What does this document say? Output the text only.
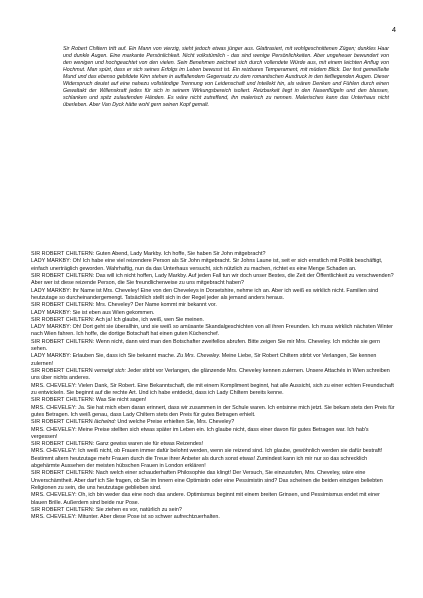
4

Sir Robert Chiltern tritt auf. Ein Mann von vierzig, sieht jedoch etwas jünger aus. Glattrasiert, mit wohlgeschnittenen Zügen; dunkles Haar und dunkle Augen. Eine markante Persönlichkeit. Nicht volkstümlich - das sind wenige Persönlichkeiten. Aber ungeheuer bewundert von den wenigen und hochgeachtet von den vielen. Sein Benehmen zeichnet sich durch vollendete Würde aus, mit einem leichten Anflug von Hochmut. Man spürt, dass er sich seines Erfolgs im Leben bewusst ist. Ein reizbares Temperament, mit müdem Blick. Der fest gemeißelte Mund und das ebenso gebildete Kinn stehen in auffallendem Gegensatz zu dem romantischen Ausdruck in den tiefliegenden Augen. Dieser Widerspruch deutet auf eine nahezu vollständige Trennung von Leidenschaft und Intellekt hin, als wären Denken und Fühlen durch einen Gewaltakt der Willenskraft jedes für sich in seinem Wirkungsbereich isoliert. Reizbarkeit liegt in den Nasenflügeln und den blassen, schlanken und spitz zulaufenden Händen. Es wäre nicht zutreffend, ihn malerisch zu nennen. Malerisches kann das Unterhaus nicht überleben. Aber Van Dyck hätte wohl gern seinen Kopf gemalt.

SIR ROBERT CHILTERN: Guten Abend, Lady Markby. Ich hoffe, Sie haben Sir John mitgebracht?

LADY MARKBY: Oh! Ich habe eine viel reizendere Person als Sir John mitgebracht. Sir Johns Laune ist, seit er sich ernstlich mit Politik beschäftigt, einfach unerträglich geworden. Wahrhaftig, nun da das Unterhaus versucht, sich nützlich zu machen, richtet es eine Menge Schaden an.

SIR ROBERT CHILTERN: Das will ich nicht hoffen, Lady Markby. Auf jeden Fall tun wir doch unser Bestes, die Zeit der Öffentlichkeit zu verschwenden? Aber wer ist diese reizende Person, die Sie freundlicherweise zu uns mitgebracht haben?

LADY MARKBY: Ihr Name ist Mrs. Cheveley! Eine von den Cheveleys in Dorsetshire, nehme ich an. Aber ich weiß es wirklich nicht. Familien sind heutzutage so durcheinandergemengt. Tatsächlich stellt sich in der Regel jeder als jemand anders heraus.

SIR ROBERT CHILTERN: Mrs. Cheveley? Der Name kommt mir bekannt vor.

LADY MARKBY: Sie ist eben aus Wien gekommen.

SIR ROBERT CHILTERN: Ach ja! Ich glaube, ich weiß, wen Sie meinen.

LADY MARKBY: Oh! Dort geht sie überallhin, und sie weiß so amüsante Skandalgeschichten von all ihren Freunden. Ich muss wirklich nächsten Winter nach Wien fahren. Ich hoffe, die dortige Botschaft hat einen guten Küchenchef.

SIR ROBERT CHILTERN: Wenn nicht, dann wird man den Botschafter zweifellos abrufen. Bitte zeigen Sie mir Mrs. Cheveley. Ich möchte sie gern sehen.

LADY MARKBY: Erlauben Sie, dass ich Sie bekannt mache. Zu Mrs. Cheveley. Meine Liebe, Sir Robert Chiltern stirbt vor Verlangen, Sie kennen zulernen!

SIR ROBERT CHILTERN verneigt sich: Jeder stirbt vor Verlangen, die glänzende Mrs. Cheveley kennen zulernen. Unsere Attachés in Wien schreiben uns über nichts anderes.

MRS. CHEVELEY: Vielen Dank, Sir Robert. Eine Bekanntschaft, die mit einem Kompliment beginnt, hat alle Aussicht, sich zu einer echten Freundschaft zu entwickeln. Sie beginnt auf die rechte Art. Und ich habe entdeckt, dass ich Lady Chiltern bereits kenne.

SIR ROBERT CHILTERN: Was Sie nicht sagen!

MRS. CHEVELEY: Ja. Sie hat mich eben daran erinnert, dass wir zusammen in der Schule waren. Ich entsinne mich jetzt. Sie bekam stets den Preis für gutes Betragen. Ich weiß genau, dass Lady Chiltern stets den Preis für gutes Betragen erhielt.

SIR ROBERT CHILTERN lächelnd: Und welche Preise erhielten Sie, Mrs. Cheveley?

MRS. CHEVELEY: Meine Preise stellten sich etwas später im Leben ein. Ich glaube nicht, dass einer davon für gutes Betragen war. Ich hab's vergessen!

SIR ROBERT CHILTERN: Ganz gewiss waren sie für etwas Reizendes!

MRS. CHEVELEY: Ich weiß nicht, ob Frauen immer dafür belohnt werden, wenn sie reizend sind. Ich glaube, gewöhnlich werden sie dafür bestraft! Bestimmt altern heutzutage mehr Frauen durch die Treue ihrer Anbeter als durch sonst etwas! Zumindest kann ich mir nur so das schrecklich abgehärmte Aussehen der meisten hübschen Frauen in London erklären!

SIR ROBERT CHILTERN: Nach welch einer schauderhaften Philosophie das klingt! Der Versuch, Sie einzustufen, Mrs. Cheveley, wäre eine Unverschämtheit. Aber darf ich Sie fragen, ob Sie im Innern eine Optimistin oder eine Pessimistin sind? Das scheinen die beiden einzigen beliebten Religionen zu sein, die uns heutzutage geblieben sind.

MRS. CHEVELEY: Oh, ich bin weder das eine noch das andere. Optimismus beginnt mit einem breiten Grinsen, und Pessimismus endet mit einer blauen Brille. Außerdem sind beide nur Pose.

SIR ROBERT CHILTERN: Sie ziehen es vor, natürlich zu sein?

MRS. CHEVELEY: Mitunter. Aber diese Pose ist so schwer aufrechtzuerhalten.
